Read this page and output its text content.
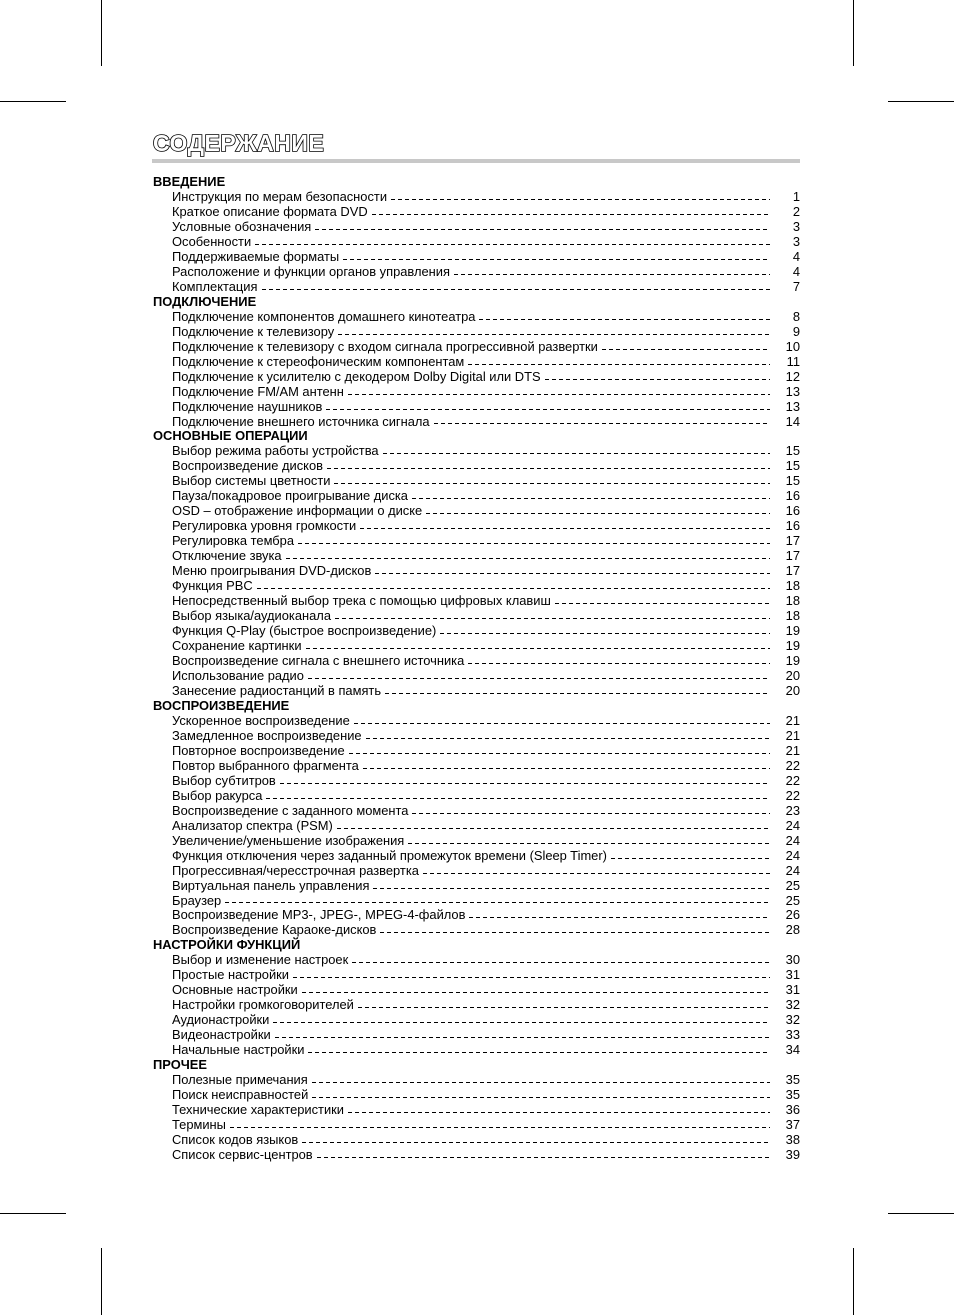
СОДЕРЖАНИЕ
ВВЕДЕНИЕ
Инструкция по мерам безопасности	1
Краткое описание формата DVD	2
Условные обозначения	3
Особенности	3
Поддерживаемые форматы	4
Расположение и функции органов управления	4
Комплектация	7
ПОДКЛЮЧЕНИЕ
Подключение компонентов домашнего кинотеатра	8
Подключение к телевизору	9
Подключение к телевизору с входом сигнала прогрессивной развертки	10
Подключение к стереофоническим компонентам	11
Подключение к усилителю с декодером Dolby Digital или DTS	12
Подключение FM/AM антенн	13
Подключение наушников	13
Подключение внешнего источника сигнала	14
ОСНОВНЫЕ ОПЕРАЦИИ
Выбор режима работы устройства	15
Воспроизведение дисков	15
Выбор системы цветности	15
Пауза/покадровое проигрывание диска	16
OSD – отображение информации о диске	16
Регулировка уровня громкости	16
Регулировка тембра	17
Отключение звука	17
Меню проигрывания DVD-дисков	17
Функция PBC	18
Непосредственный выбор трека с помощью цифровых клавиш	18
Выбор языка/аудиоканала	18
Функция Q-Play (быстрое воспроизведение)	19
Сохранение картинки	19
Воспроизведение сигнала с внешнего источника	19
Использование радио	20
Занесение радиостанций в память	20
ВОСПРОИЗВЕДЕНИЕ
Ускоренное воспроизведение	21
Замедленное воспроизведение	21
Повторное воспроизведение	21
Повтор выбранного фрагмента	22
Выбор субтитров	22
Выбор ракурса	22
Воспроизведение с заданного момента	23
Анализатор спектра (PSM)	24
Увеличение/уменьшение изображения	24
Функция отключения через заданный промежуток времени (Sleep Timer)	24
Прогрессивная/чересстрочная развертка	24
Виртуальная панель управления	25
Браузер	25
Воспроизведение MP3-, JPEG-, MPEG-4-файлов	26
Воспроизведение Караоке-дисков	28
НАСТРОЙКИ ФУНКЦИЙ
Выбор и изменение настроек	30
Простые настройки	31
Основные настройки	31
Настройки громкоговорителей	32
Аудионастройки	32
Видеонастройки	33
Начальные настройки	34
ПРОЧЕЕ
Полезные примечания	35
Поиск неисправностей	35
Технические характеристики	36
Термины	37
Список кодов языков	38
Список сервис-центров	39
